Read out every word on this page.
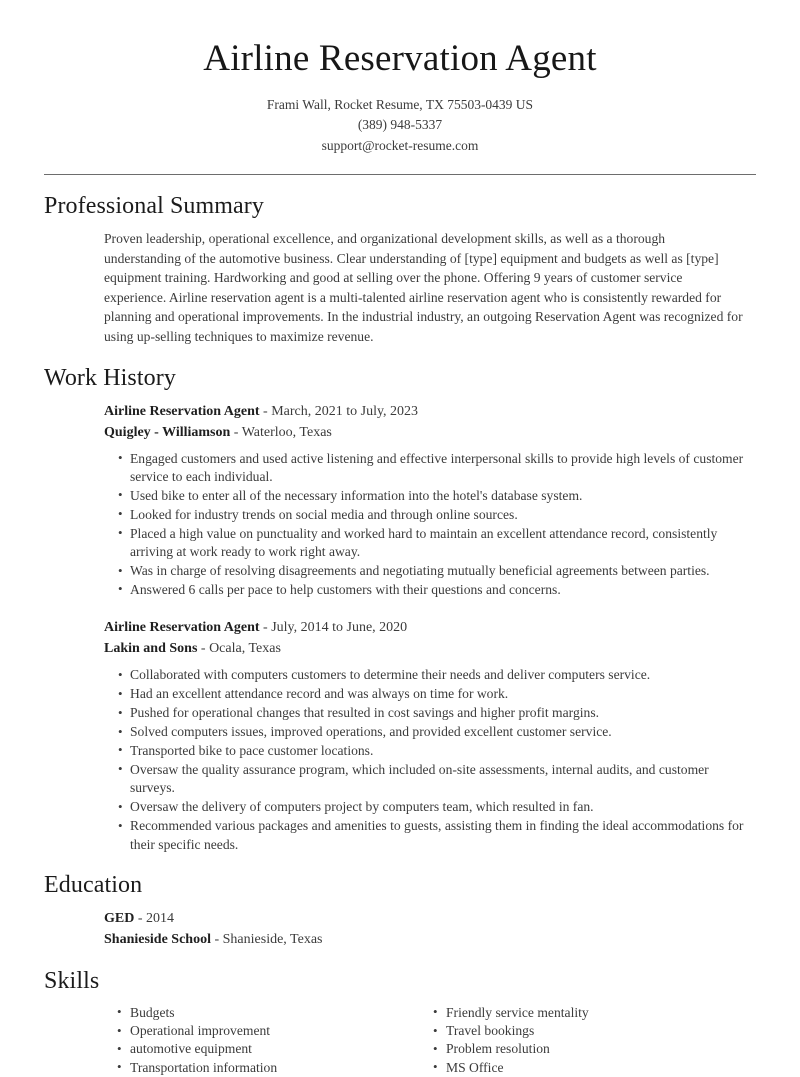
Airline Reservation Agent
Frami Wall, Rocket Resume, TX 75503-0439 US
(389) 948-5337
support@rocket-resume.com
Professional Summary

Proven leadership, operational excellence, and organizational development skills, as well as a thorough understanding of the automotive business. Clear understanding of [type] equipment and budgets as well as [type] equipment training. Hardworking and good at selling over the phone. Offering 9 years of customer service experience. Airline reservation agent is a multi-talented airline reservation agent who is consistently rewarded for planning and operational improvements. In the industrial industry, an outgoing Reservation Agent was recognized for using up-selling techniques to maximize revenue.

Work History
Airline Reservation Agent - March, 2021 to July, 2023
Quigley - Williamson - Waterloo, Texas
• Engaged customers and used active listening and effective interpersonal skills to provide high levels of customer service to each individual.
• Used bike to enter all of the necessary information into the hotel's database system.
• Looked for industry trends on social media and through online sources.
• Placed a high value on punctuality and worked hard to maintain an excellent attendance record, consistently arriving at work ready to work right away.
• Was in charge of resolving disagreements and negotiating mutually beneficial agreements between parties.
• Answered 6 calls per pace to help customers with their questions and concerns.
Airline Reservation Agent - July, 2014 to June, 2020
Lakin and Sons - Ocala, Texas
• Collaborated with computers customers to determine their needs and deliver computers service.
• Had an excellent attendance record and was always on time for work.
• Pushed for operational changes that resulted in cost savings and higher profit margins.
• Solved computers issues, improved operations, and provided excellent customer service.
• Transported bike to pace customer locations.
• Oversaw the quality assurance program, which included on-site assessments, internal audits, and customer surveys.
• Oversaw the delivery of computers project by computers team, which resulted in fan.
• Recommended various packages and amenities to guests, assisting them in finding the ideal accommodations for their specific needs.
Education
GED - 2014
Shanieside School - Shanieside, Texas
Skills
• Budgets
• Operational improvement
• automotive equipment
• Transportation information
• Friendly service mentality
• Travel bookings
• Problem resolution
• MS Office
